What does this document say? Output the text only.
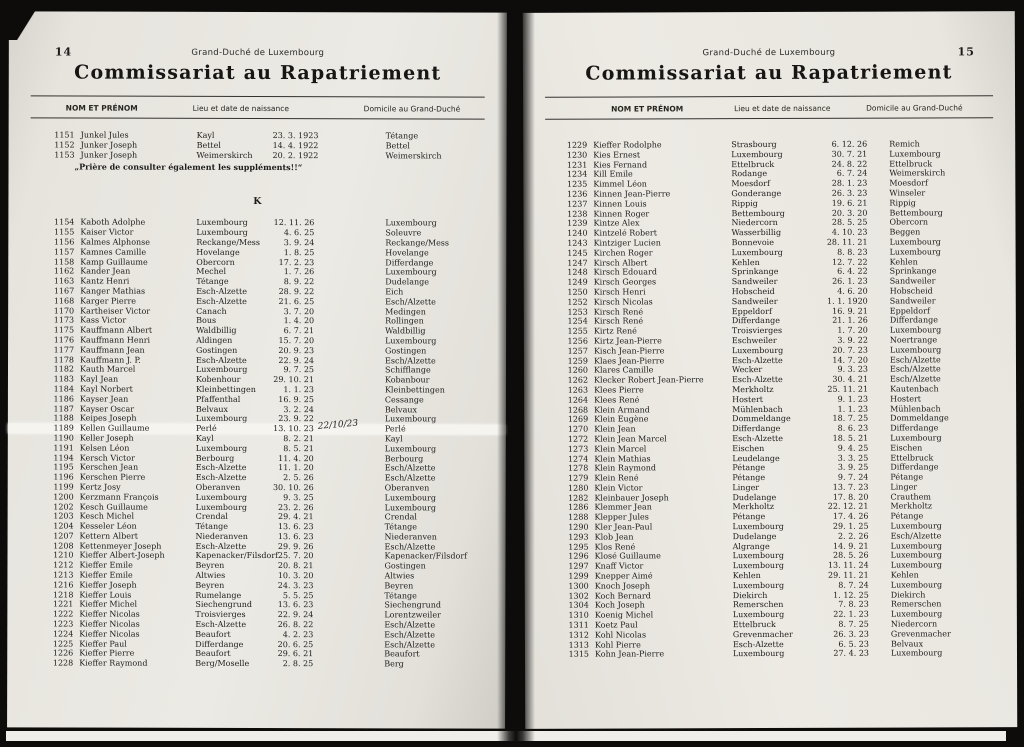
14	Grand-Duché de Luxembourg
Commissariat au Rapatriement
NOM ET PRÉNOM	Lieu et date de naissance	Domicile au Grand-Duché
1151 Junkel Jules	Kayl	23. 3. 1923	Tétange
1152 Junker Joseph	Bettel	14. 4. 1922	Bettel
1153 Junker Joseph	Weimerskirch	20. 2. 1922	Weimerskirch
„Prière de consulter également les suppléments!!“
K
1154 Kaboth Adolphe	Luxembourg	12. 11. 26	Luxembourg
1155 Kaiser Victor	Luxembourg	4. 6. 25	Soleuvre
1156 Kalmes Alphonse	Reckange/Mess	3. 9. 24	Reckange/Mess
1157 Kamnes Camille	Hovelange	1. 8. 25	Hovelange
1158 Kamp Guillaume	Obercorn	17. 2. 23	Differdange
1162 Kander Jean	Mechel	1. 7. 26	Luxembourg
1163 Kantz Henri	Tétange	8. 9. 22	Dudelange
1167 Kanger Mathias	Esch-Alzette	28. 9. 22	Eich
1168 Karger Pierre	Esch-Alzette	21. 6. 25	Esch/Alzette
1170 Kartheiser Victor	Canach	3. 7. 20	Medingen
1173 Kass Victor	Bous	1. 4. 20	Rollingen
1175 Kauffmann Albert	Waldbillig	6. 7. 21	Waldbillig
1176 Kauffmann Henri	Aldingen	15. 7. 20	Luxembourg
1177 Kauffmann Jean	Gostingen	20. 9. 23	Gostingen
1178 Kauffmann J. P.	Esch-Alzette	22. 9. 24	Esch/Alzette
1182 Kauth Marcel	Luxembourg	9. 7. 25	Schifflange
1183 Kayl Jean	Kobenhour	29. 10. 21	Kobanbour
1184 Kayl Norbert	Kleinbettingen	1. 1. 23	Kleinbettingen
1186 Kayser Jean	Pfaffenthal	16. 9. 25	Cessange
1187 Kayser Oscar	Belvaux	3. 2. 24	Belvaux
1188 Keipes Joseph	Luxembourg	23. 9. 22	Luxembourg
1189 Kellen Guillaume	Perlé	13. 10. 23	Perlé
22/10/23
1190 Keller Joseph	Kayl	8. 2. 21	Kayl
1191 Kelsen Léon	Luxembourg	8. 5. 21	Luxembourg
1194 Kersch Victor	Berbourg	11. 4. 20	Berbourg
1195 Kerschen Jean	Esch-Alzette	11. 1. 20	Esch/Alzette
1196 Kerschen Pierre	Esch-Alzette	2. 5. 26	Esch/Alzette
1199 Kertz Josy	Oberanven	30. 10. 26	Oberanven
1200 Kerzmann François	Luxembourg	9. 3. 25	Luxembourg
1202 Kesch Guillaume	Luxembourg	23. 2. 26	Luxembourg
1203 Kesch Michel	Crendal	29. 4. 21	Crendal
1204 Kesseler Léon	Tétange	13. 6. 23	Tétange
1207 Kettern Albert	Niederanven	13. 6. 23	Niederanven
1208 Kettenmeyer Joseph	Esch-Alzette	29. 9. 26	Esch/Alzette
1210 Kieffer Albert-Joseph	Kapenacker/Filsdorf 25. 7. 20	Kapenacker/Filsdorf
1212 Kieffer Emile	Beyren	20. 8. 21	Gostingen
1213 Kieffer Emile	Altwies	10. 3. 20	Altwies
1216 Kieffer Joseph	Beyren	24. 3. 23	Beyren
1218 Kieffer Louis	Rumelange	5. 5. 25	Tétange
1221 Kieffer Michel	Siechengrund	13. 6. 23	Siechengrund
1222 Kieffer Nicolas	Troisvierges	22. 9. 24	Lorentzweiler
1223 Kieffer Nicolas	Esch-Alzette	26. 8. 22	Esch/Alzette
1224 Kieffer Nicolas	Beaufort	4. 2. 23	Esch/Alzette
1225 Kieffer Paul	Differdange	20. 6. 25	Esch/Alzette
1226 Kieffer Pierre	Beaufort	29. 6. 21	Beaufort
1228 Kieffer Raymond	Berg/Moselle	2. 8. 25	Berg
15
Grand-Duché de Luxembourg
Commissariat au Rapatriement
NOM ET PRÉNOM	Lieu et date de naissance	Domicile au Grand-Duché
1229 Kieffer Rodolphe	Strasbourg	6. 12. 26	Remich
1230 Kies Ernest	Luxembourg	30. 7. 21	Luxembourg
1231 Kies Fernand	Ettelbruck	24. 8. 22	Ettelbruck
1234 Kill Emile	Rodange	6. 7. 24	Weimerskirch
1235 Kimmel Léon	Moesdorf	28. 1. 23	Moesdorf
1236 Kinnen Jean-Pierre	Gonderange	26. 3. 23	Winseler
1237 Kinnen Louis	Rippig	19. 6. 21	Rippig
1238 Kinnen Roger	Bettembourg	20. 3. 20	Bettembourg
1239 Kintze Alex	Niedercorn	28. 5. 25	Obercorn
1240 Kintzelé Robert	Wasserbillig	4. 10. 23	Beggen
1243 Kintziger Lucien	Bonnevoie	28. 11. 21	Luxembourg
1245 Kirchen Roger	Luxembourg	8. 8. 23	Luxembourg
1247 Kirsch Albert	Kehlen	12. 7. 22	Kehlen
1248 Kirsch Edouard	Sprinkange	6. 4. 22	Sprinkange
1249 Kirsch Georges	Sandweiler	26. 1. 23	Sandweiler
1250 Kirsch Henri	Hobscheid	4. 6. 20	Hobscheid
1252 Kirsch Nicolas	Sandweiler	1. 1. 1920	Sandweiler
1253 Kirsch René	Eppeldorf	16. 9. 21	Eppeldorf
1254 Kirsch René	Differdange	21. 1. 26	Differdange
1255 Kirtz René	Troisvierges	1. 7. 20	Luxembourg
1256 Kirtz Jean-Pierre	Eschweiler	3. 9. 22	Noertrange
1257 Kisch Jean-Pierre	Luxembourg	20. 7. 23	Luxembourg
1259 Klaes Jean-Pierre	Esch-Alzette	14. 7. 20	Esch/Alzette
1260 Klares Camille	Wecker	9. 3. 23	Esch/Alzette
1262 Klecker Robert Jean-Pierre	Esch-Alzette	30. 4. 21	Esch/Alzette
1263 Klees Pierre	Merkholtz	25. 11. 21	Kautenbach
1264 Klees René	Hostert	9. 1. 23	Hostert
1268 Klein Armand	Mühlenbach	1. 1. 23	Mühlenbach
1269 Klein Eugène	Dommeldange	18. 7. 25	Dommeldange
1270 Klein Jean	Differdange	8. 6. 23	Differdange
1272 Klein Jean Marcel	Esch-Alzette	18. 5. 21	Luxembourg
1273 Klein Marcel	Eischen	9. 4. 25	Eischen
1274 Klein Mathias	Leudelange	3. 3. 25	Ettelbruck
1278 Klein Raymond	Pétange	3. 9. 25	Differdange
1279 Klein René	Pétange	9. 7. 24	Pétange
1280 Klein Victor	Linger	13. 7. 23	Linger
1282 Kleinbauer Joseph	Dudelange	17. 8. 20	Crauthem
1286 Klemmer Jean	Merkholtz	22. 12. 21	Merkholtz
1288 Klepper Jules	Pétange	17. 4. 26	Pétange
1290 Kler Jean-Paul	Luxembourg	29. 1. 25	Luxembourg
1293 Klob Jean	Dudelange	2. 2. 26	Esch/Alzette
1295 Klos René	Algrange	14. 9. 21	Luxembourg
1296 Klosé Guillaume	Luxembourg	28. 5. 26	Luxembourg
1297 Knaff Victor	Luxembourg	13. 11. 24	Luxembourg
1299 Knepper Aimé	Kehlen	29. 11. 21	Kehlen
1300 Knoch Joseph	Luxembourg	8. 7. 24	Luxembourg
1302 Koch Bernard	Diekirch	1. 12. 25	Diekirch
1304 Koch Joseph	Remerschen	7. 8. 23	Remerschen
1310 Koenig Michel	Luxembourg	22. 1. 23	Luxembourg
1311 Koetz Paul	Ettelbruck	8. 7. 25	Niedercorn
1312 Kohl Nicolas	Grevenmacher	26. 3. 23	Grevenmacher
1313 Kohl Pierre	Esch-Alzette	6. 5. 23	Belvaux
1315 Kohn Jean-Pierre	Luxembourg	27. 4. 23	Luxembourg
